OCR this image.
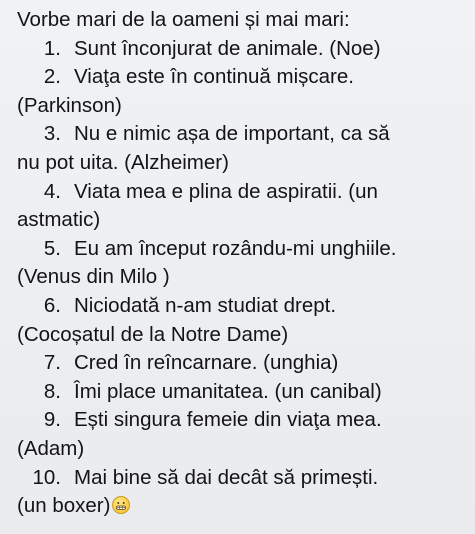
Vorbe mari de la oameni și mai mari:

1. Sunt înconjurat de animale. (Noe)
2. Viaţa este în continuă mișcare.
(Parkinson)
3. Nu e nimic așa de important, ca să
nu pot uita. (Alzheimer)
4. Viata mea e plina de aspiratii. (un
astmatic)
5. Eu am început rozându-mi unghiile.
(Venus din Milo )
6. Niciodată n-am studiat drept.
(Cocoșatul de la Notre Dame)
7. Cred în reîncarnare. (unghia)
8. Îmi place umanitatea. (un canibal)
9. Ești singura femeie din viaţa mea.
(Adam)
10. Mai bine să dai decât să primești.
(un boxer)
